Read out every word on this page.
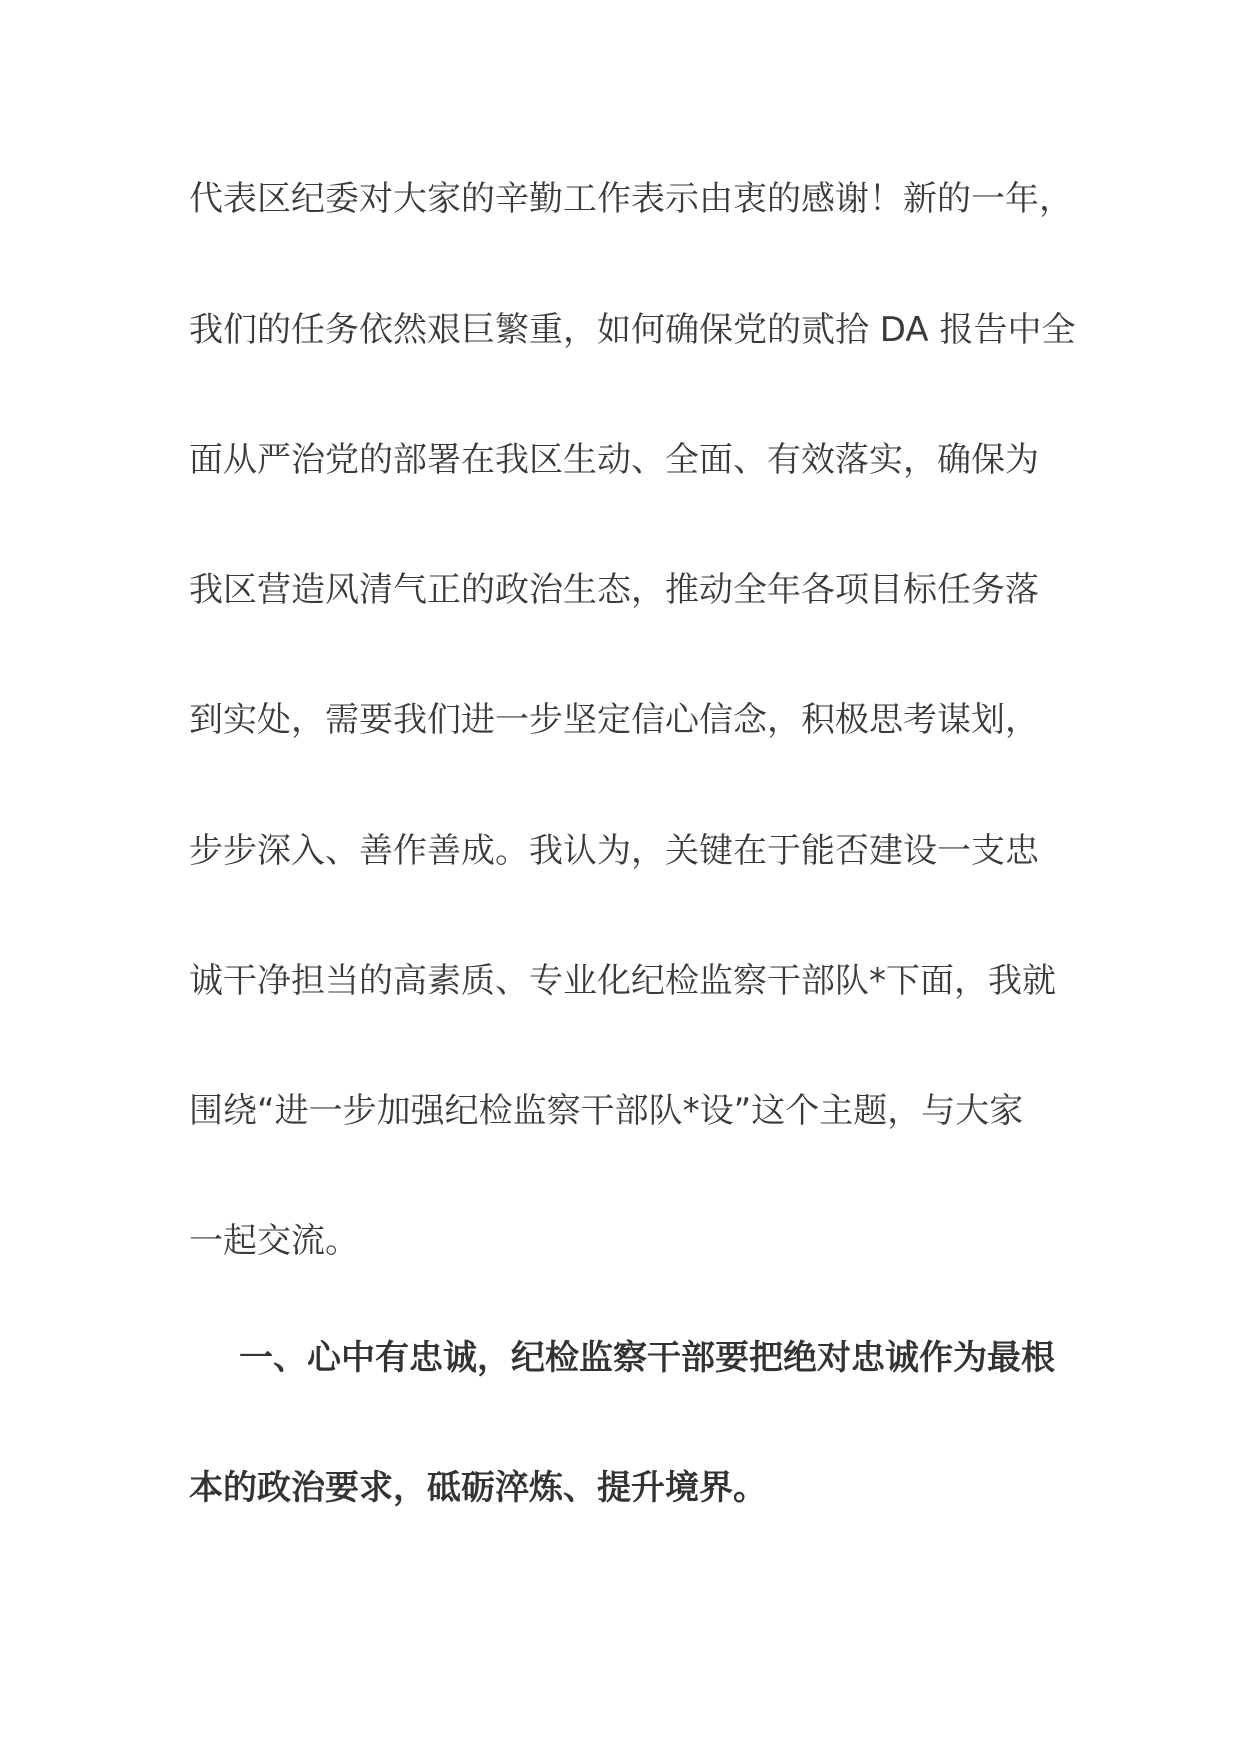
代表区纪委对大家的辛勤工作表示由衷的感谢！新的一年，
我们的任务依然艰巨繁重，如何确保党的贰拾 DA 报告中全
面从严治党的部署在我区生动、全面、有效落实，确保为
我区营造风清气正的政治生态，推动全年各项目标任务落
到实处，需要我们进一步坚定信心信念，积极思考谋划，
步步深入、善作善成。我认为，关键在于能否建设一支忠
诚干净担当的高素质、专业化纪检监察干部队*下面，我就
围绕“进一步加强纪检监察干部队*设”这个主题，与大家
一起交流。
一、心中有忠诚，纪检监察干部要把绝对忠诚作为最根
本的政治要求，砥砺淬炼、提升境界。
